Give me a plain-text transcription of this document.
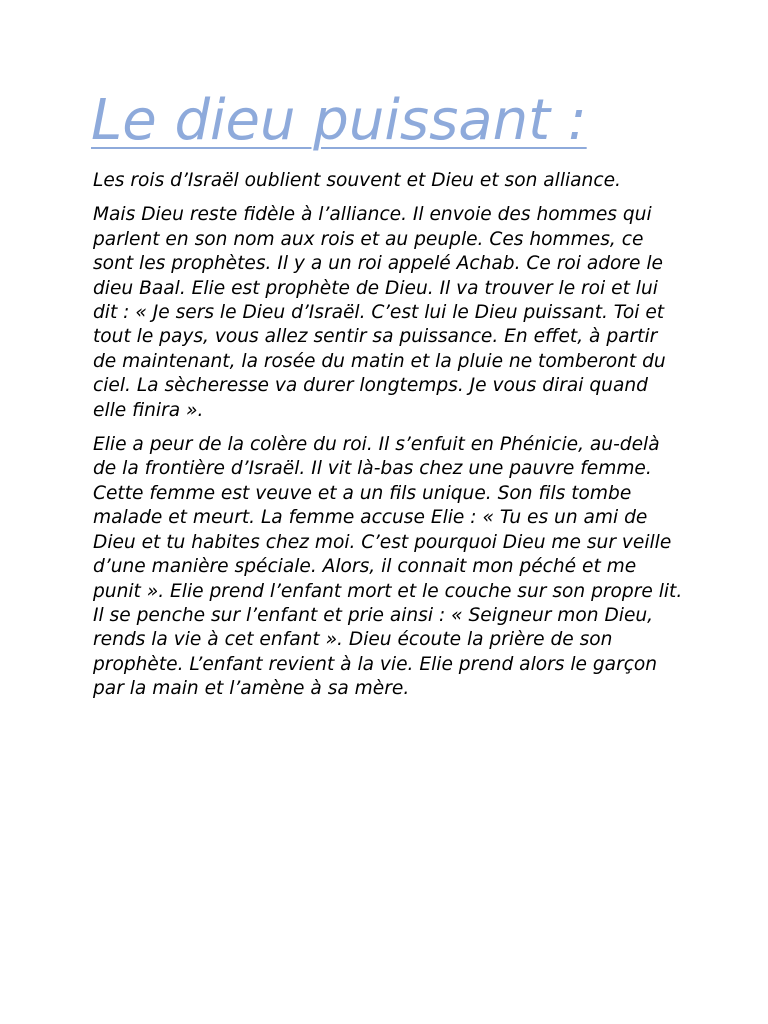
Le dieu puissant :

Les rois d’Israël oublient souvent et Dieu et son alliance.

Mais Dieu reste fidèle à l’alliance. Il envoie des hommes qui parlent en son nom aux rois et au peuple. Ces hommes, ce sont les prophètes. Il y a un roi appelé Achab. Ce roi adore le dieu Baal. Elie est prophète de Dieu. Il va trouver le roi et lui dit : « Je sers le Dieu d’Israël. C’est lui le Dieu puissant. Toi et tout le pays, vous allez sentir sa puissance. En effet, à partir de maintenant, la rosée du matin et la pluie ne tomberont du ciel. La sècheresse va durer longtemps. Je vous dirai quand elle finira ».

Elie a peur de la colère du roi. Il s’enfuit en Phénicie, au-delà de la frontière d’Israël. Il vit là-bas chez une pauvre femme. Cette femme est veuve et a un fils unique. Son fils tombe malade et meurt. La femme accuse Elie : « Tu es un ami de Dieu et tu habites chez moi. C’est pourquoi Dieu me sur veille d’une manière spéciale. Alors, il connait mon péché et me punit ». Elie prend l’enfant mort et le couche sur son propre lit. Il se penche sur l’enfant et prie ainsi : « Seigneur mon Dieu, rends la vie à cet enfant ». Dieu écoute la prière de son prophète. L’enfant revient à la vie. Elie prend alors le garçon par la main et l’amène à sa mère.
